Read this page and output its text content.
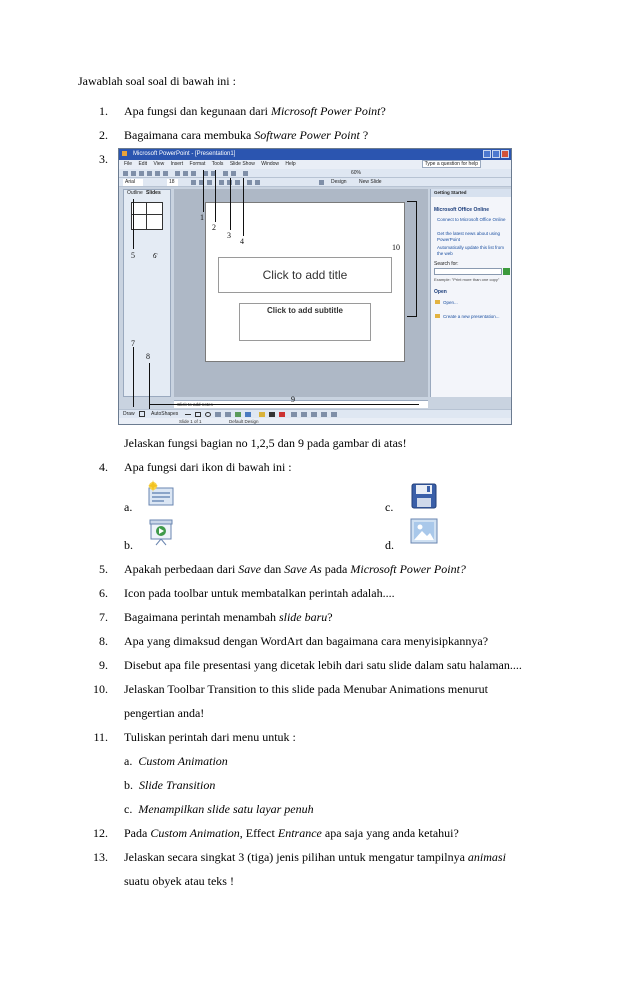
Jawablah soal soal di bawah ini :
1. Apa fungsi dan kegunaan dari Microsoft Power Point?
2. Bagaimana cara membuka Software Power Point ?
3.	Microsoft PowerPoint - [Presentation1]
File Edit View Insert Format Tools Slide Show Window Help	Type a question for help
60%
Arial	18	Design New Slide
Outline Slides
Click to add title
Click to add subtitle
Getting Started
Microsoft Office Online
Connect to Microsoft Office Online
Get the latest news about using PowerPoint
Automatically update this list from the web
Search for:
Example: "Print more than one copy"
Open
Open...
Create a new presentation...
Draw	AutoShapes
Slide 1 of 1	Default Design
1
2
3
4
5 6
7
8
9
10
Jelaskan fungsi bagian no 1,2,5 dan 9 pada gambar di atas!
4. Apa fungsi dari ikon di bawah ini :
a.
b.
c.
d.
5. Apakah perbedaan dari Save dan Save As pada Microsoft Power Point?
6. Icon pada toolbar untuk membatalkan perintah adalah....
7. Bagaimana perintah menambah slide baru?
8. Apa yang dimaksud dengan WordArt dan bagaimana cara menyisipkannya?
9. Disebut apa file presentasi yang dicetak lebih dari satu slide dalam satu halaman....
10. Jelaskan Toolbar Transition to this slide pada Menubar Animations menurut
pengertian anda!
11. Tuliskan perintah dari menu untuk :
a. Custom Animation
b. Slide Transition
c. Menampilkan slide satu layar penuh
12. Pada Custom Animation, Effect Entrance apa saja yang anda ketahui?
13. Jelaskan secara singkat 3 (tiga) jenis pilihan untuk mengatur tampilnya animasi
suatu obyek atau teks !
